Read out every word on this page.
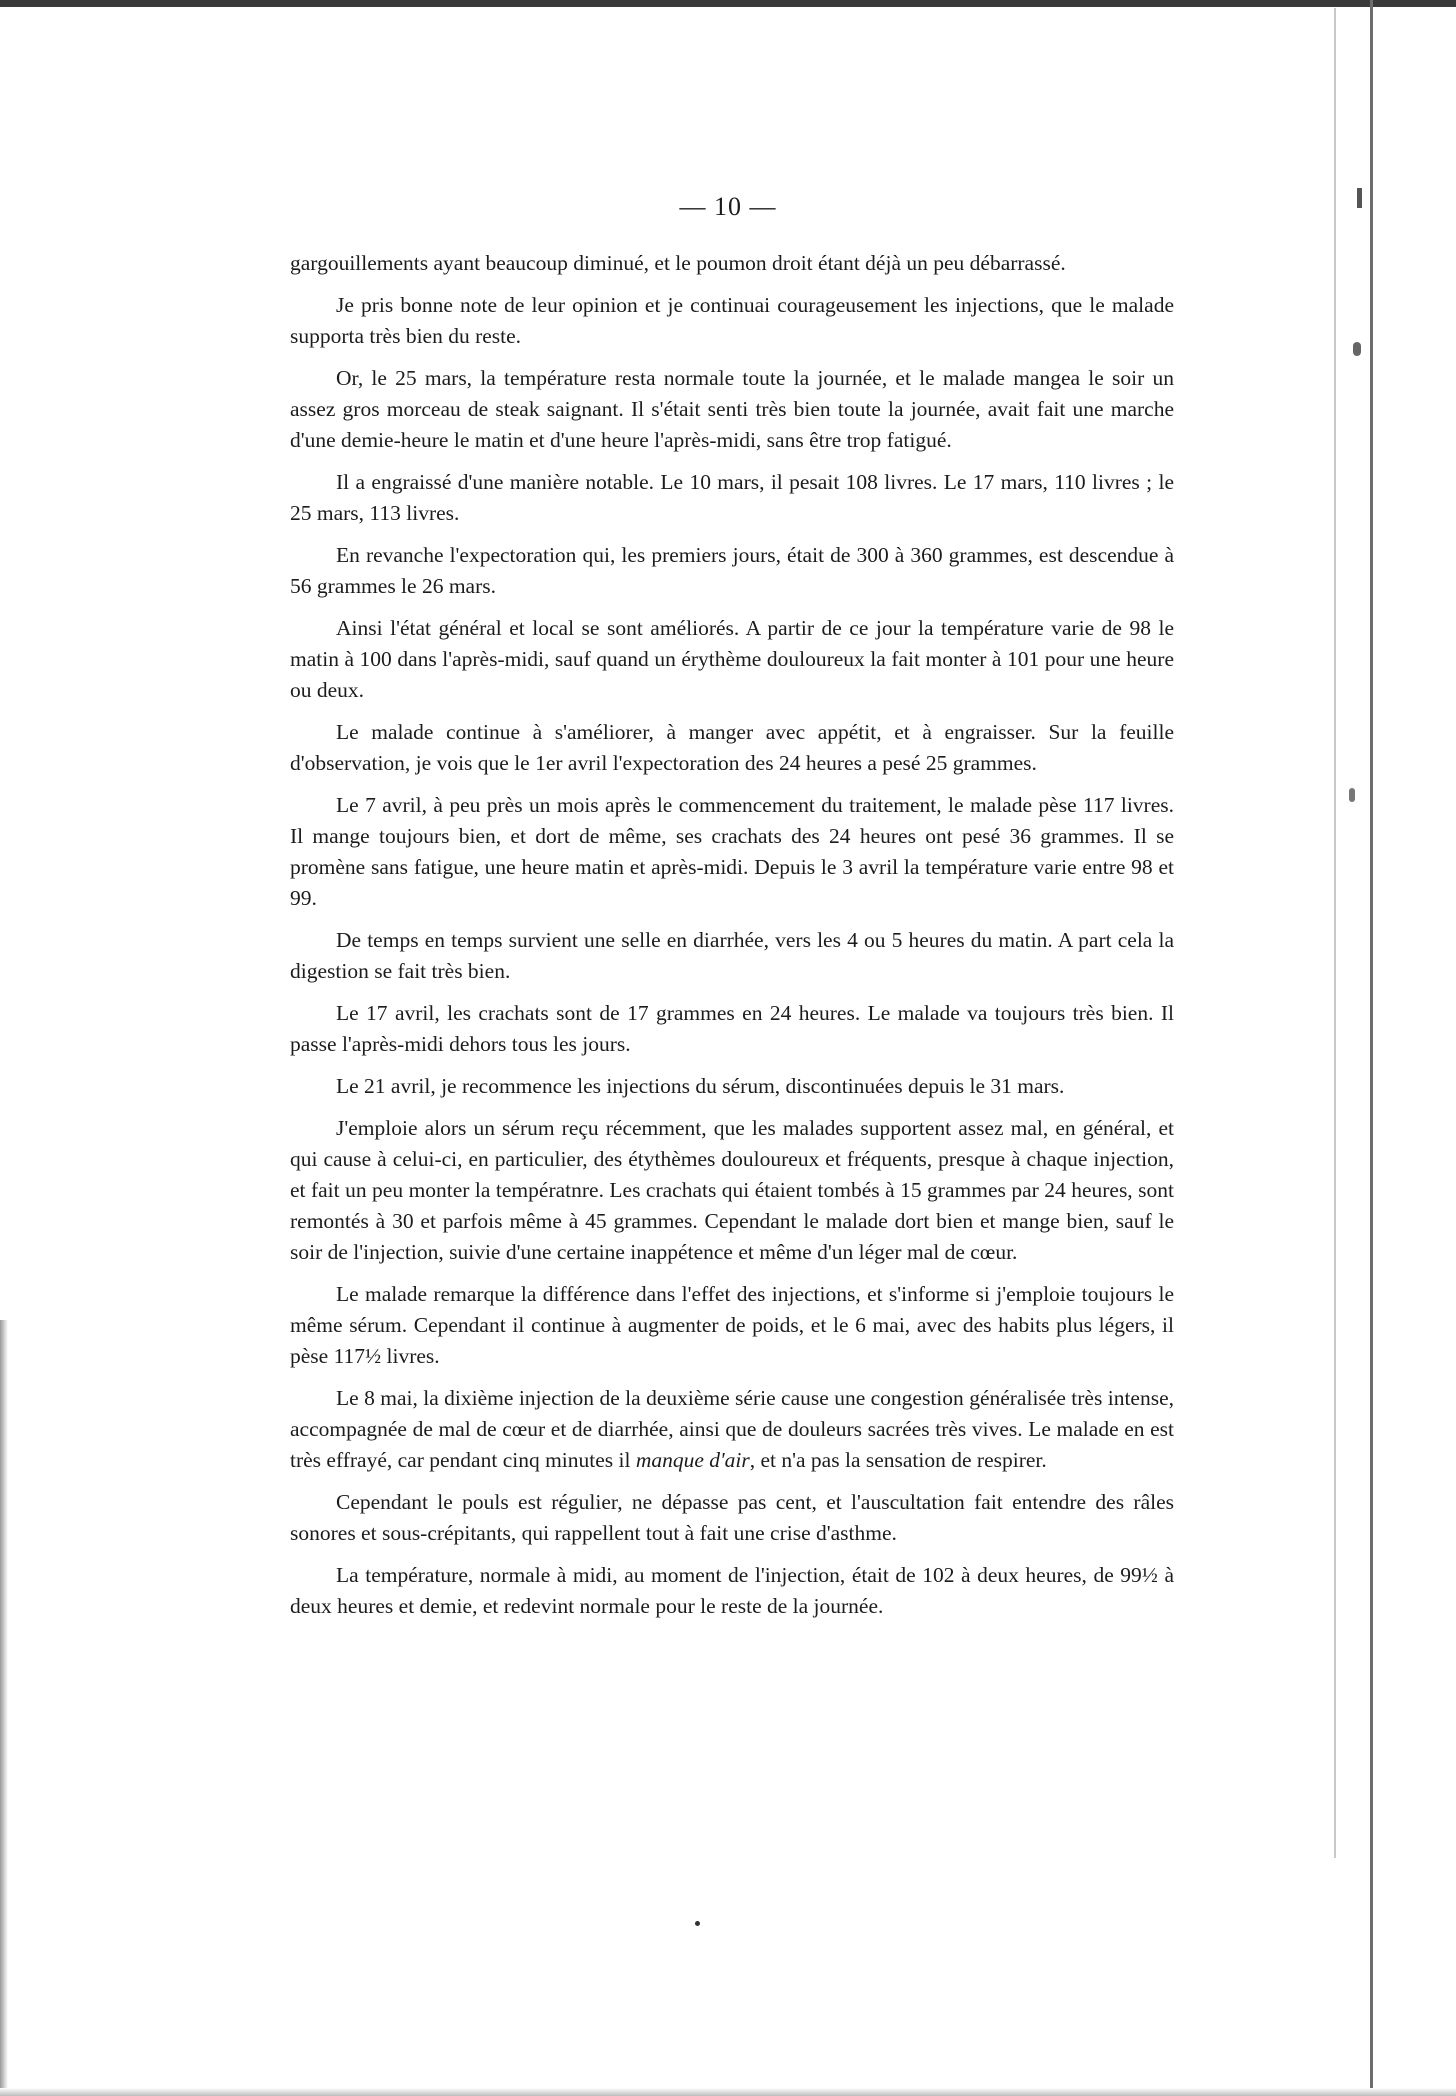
— 10 —

gargouillements ayant beaucoup diminué, et le poumon droit étant déjà un peu débarrassé.

Je pris bonne note de leur opinion et je continuai courageusement les injections, que le malade supporta très bien du reste.

Or, le 25 mars, la température resta normale toute la journée, et le malade mangea le soir un assez gros morceau de steak saignant. Il s'était senti très bien toute la journée, avait fait une marche d'une demie-heure le matin et d'une heure l'après-midi, sans être trop fatigué.

Il a engraissé d'une manière notable. Le 10 mars, il pesait 108 livres. Le 17 mars, 110 livres ; le 25 mars, 113 livres.

En revanche l'expectoration qui, les premiers jours, était de 300 à 360 grammes, est descendue à 56 grammes le 26 mars.

Ainsi l'état général et local se sont améliorés. A partir de ce jour la température varie de 98 le matin à 100 dans l'après-midi, sauf quand un érythème douloureux la fait monter à 101 pour une heure ou deux.

Le malade continue à s'améliorer, à manger avec appétit, et à engraisser. Sur la feuille d'observation, je vois que le 1er avril l'expectoration des 24 heures a pesé 25 grammes.

Le 7 avril, à peu près un mois après le commencement du traitement, le malade pèse 117 livres. Il mange toujours bien, et dort de même, ses crachats des 24 heures ont pesé 36 grammes. Il se promène sans fatigue, une heure matin et après-midi. Depuis le 3 avril la température varie entre 98 et 99.

De temps en temps survient une selle en diarrhée, vers les 4 ou 5 heures du matin. A part cela la digestion se fait très bien.

Le 17 avril, les crachats sont de 17 grammes en 24 heures. Le malade va toujours très bien. Il passe l'après-midi dehors tous les jours.

Le 21 avril, je recommence les injections du sérum, discontinuées depuis le 31 mars.

J'emploie alors un sérum reçu récemment, que les malades supportent assez mal, en général, et qui cause à celui-ci, en particulier, des étythèmes douloureux et fréquents, presque à chaque injection, et fait un peu monter la températnre. Les crachats qui étaient tombés à 15 grammes par 24 heures, sont remontés à 30 et parfois même à 45 grammes. Cependant le malade dort bien et mange bien, sauf le soir de l'injection, suivie d'une certaine inappétence et même d'un léger mal de cœur.

Le malade remarque la différence dans l'effet des injections, et s'informe si j'emploie toujours le même sérum. Cependant il continue à augmenter de poids, et le 6 mai, avec des habits plus légers, il pèse 117½ livres.

Le 8 mai, la dixième injection de la deuxième série cause une congestion généralisée très intense, accompagnée de mal de cœur et de diarrhée, ainsi que de douleurs sacrées très vives. Le malade en est très effrayé, car pendant cinq minutes il manque d'air, et n'a pas la sensation de respirer.

Cependant le pouls est régulier, ne dépasse pas cent, et l'auscultation fait entendre des râles sonores et sous-crépitants, qui rappellent tout à fait une crise d'asthme.

La température, normale à midi, au moment de l'injection, était de 102 à deux heures, de 99½ à deux heures et demie, et redevint normale pour le reste de la journée.
